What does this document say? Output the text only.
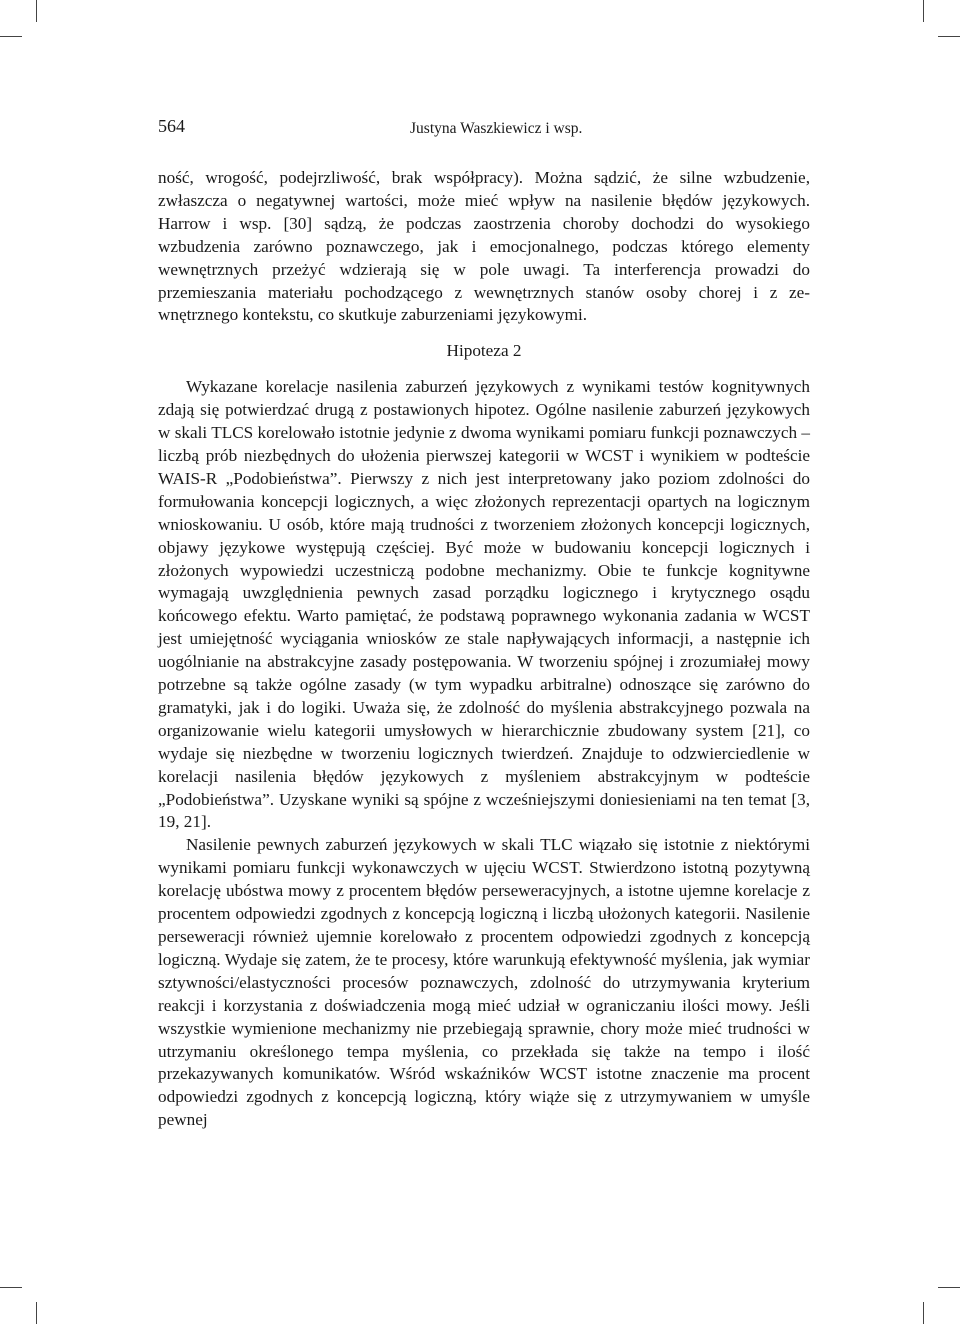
564	Justyna Waszkiewicz i wsp.

ność, wrogość, podejrzliwość, brak współpracy). Można sądzić, że silne wzbudzenie, zwłaszcza o negatywnej wartości, może mieć wpływ na nasilenie błędów językowych. Harrow i wsp. [30] sądzą, że podczas zaostrzenia choroby dochodzi do wysokiego wzbudzenia zarówno poznawczego, jak i emocjonalnego, podczas którego elementy wewnętrznych przeżyć wdzierają się w pole uwagi. Ta interferencja prowadzi do przemieszania materiału pochodzącego z wewnętrznych stanów osoby chorej i z zewnętrznego kontekstu, co skutkuje zaburzeniami językowymi.

Hipoteza 2

Wykazane korelacje nasilenia zaburzeń językowych z wynikami testów kognitywnych zdają się potwierdzać drugą z postawionych hipotez. Ogólne nasilenie zaburzeń językowych w skali TLCS korelowało istotnie jedynie z dwoma wynikami pomiaru funkcji poznawczych – liczbą prób niezbędnych do ułożenia pierwszej kategorii w WCST i wynikiem w podteście WAIS-R „Podobieństwa”. Pierwszy z nich jest interpretowany jako poziom zdolności do formułowania koncepcji logicznych, a więc złożonych reprezentacji opartych na logicznym wnioskowaniu. U osób, które mają trudności z tworzeniem złożonych koncepcji logicznych, objawy językowe występują częściej. Być może w budowaniu koncepcji logicznych i złożonych wypowiedzi uczestniczą podobne mechanizmy. Obie te funkcje kognitywne wymagają uwzględnienia pewnych zasad porządku logicznego i krytycznego osądu końcowego efektu. Warto pamiętać, że podstawą poprawnego wykonania zadania w WCST jest umiejętność wyciągania wniosków ze stale napływających informacji, a następnie ich uogólnianie na abstrakcyjne zasady postępowania. W tworzeniu spójnej i zrozumiałej mowy potrzebne są także ogólne zasady (w tym wypadku arbitralne) odnoszące się zarówno do gramatyki, jak i do logiki. Uważa się, że zdolność do myślenia abstrakcyjnego pozwala na organizowanie wielu kategorii umysłowych w hierarchicznie zbudowany system [21], co wydaje się niezbędne w tworzeniu logicznych twierdzeń. Znajduje to odzwierciedlenie w korelacji nasilenia błędów językowych z myśleniem abstrakcyjnym w podteście „Podobieństwa”. Uzyskane wyniki są spójne z wcześniejszymi doniesieniami na ten temat [3, 19, 21].

Nasilenie pewnych zaburzeń językowych w skali TLC wiązało się istotnie z niektórymi wynikami pomiaru funkcji wykonawczych w ujęciu WCST. Stwierdzono istotną pozytywną korelację ubóstwa mowy z procentem błędów perseweracyjnych, a istotne ujemne korelacje z procentem odpowiedzi zgodnych z koncepcją logiczną i liczbą ułożonych kategorii. Nasilenie perseweracji również ujemnie korelowało z procentem odpowiedzi zgodnych z koncepcją logiczną. Wydaje się zatem, że te procesy, które warunkują efektywność myślenia, jak wymiar sztywności/elastyczności procesów poznawczych, zdolność do utrzymywania kryterium reakcji i korzystania z doświadczenia mogą mieć udział w ograniczaniu ilości mowy. Jeśli wszystkie wymienione mechanizmy nie przebiegają sprawnie, chory może mieć trudności w utrzymaniu określonego tempa myślenia, co przekłada się także na tempo i ilość przekazywanych komunikatów. Wśród wskaźników WCST istotne znaczenie ma procent odpowiedzi zgodnych z koncepcją logiczną, który wiąże się z utrzymywaniem w umyśle pewnej
